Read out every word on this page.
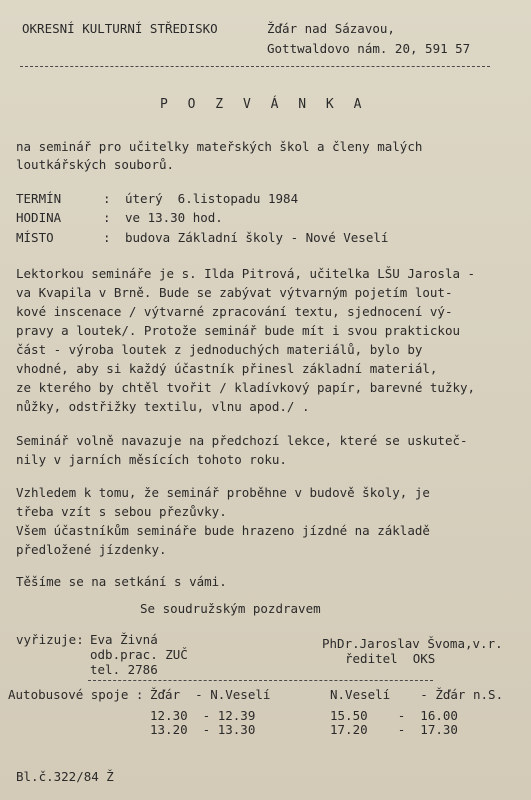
OKRESNÍ KULTURNÍ STŘEDISKO	Žďár nad Sázavou,
Gottwaldovo nám. 20, 591 57
P O Z V Á N K A
na seminář pro učitelky mateřských škol a členy malých
loutkářských souborů.
TERMÍN	: úterý  6.listopadu 1984
HODINA	: ve 13.30 hod.
MÍSTO	: budova Základní školy - Nové Veselí
Lektorkou semináře je s. Ilda Pitrová, učitelka LŠU Jarosla -
va Kvapila v Brně. Bude se zabývat výtvarným pojetím lout-
kové inscenace / výtvarné zpracování textu, sjednocení vý-
pravy a loutek/. Protože seminář bude mít i svou praktickou
část - výroba loutek z jednoduchých materiálů, bylo by
vhodné, aby si každý účastník přinesl základní materiál,
ze kterého by chtěl tvořit / kladívkový papír, barevné tužky,
nůžky, odstřižky textilu, vlnu apod./ .
Seminář volně navazuje na předchozí lekce, které se uskuteč-
nily v jarních měsících tohoto roku.
Vzhledem k tomu, že seminář proběhne v budově školy, je
třeba vzít s sebou přezůvky.
Všem účastníkům semináře bude hrazeno jízdné na základě
předložené jízdenky.
Těšíme se na setkání s vámi.
Se soudružským pozdravem
vyřizuje: Eva Živná
odb.prac. ZUČ
tel. 2786
PhDr.Jaroslav Švoma,v.r.
ředitel  OKS
Autobusové spoje : Žďár  - N.Veselí	N.Veselí    - Žďár n.S.
12.30  - 12.39	15.50    -  16.00
13.20  - 13.30	17.20    -  17.30
Bl.č.322/84 Ž
